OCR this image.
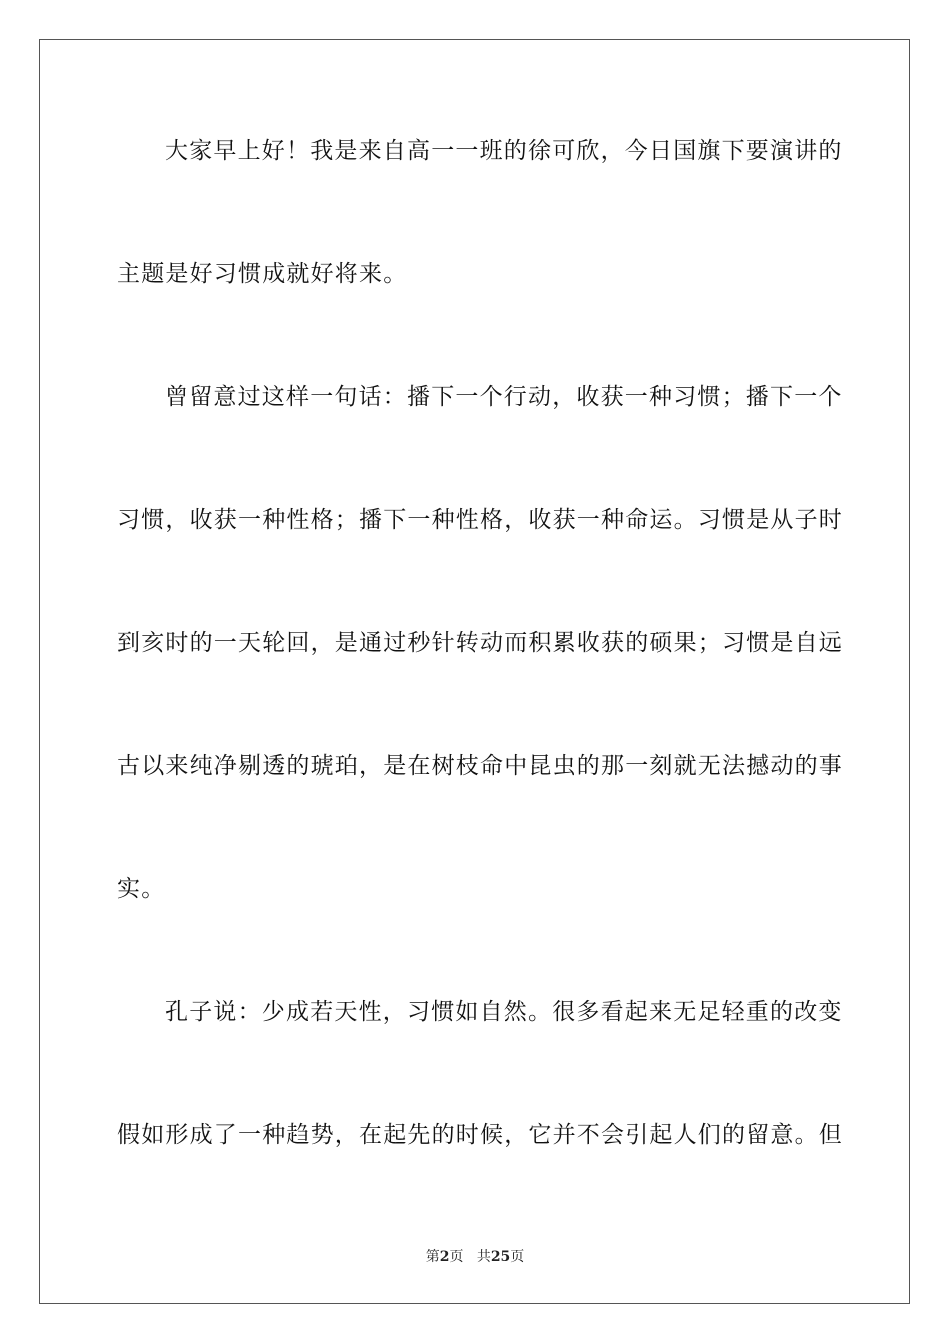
大家早上好！我是来自高一一班的徐可欣，今日国旗下要演讲的
主题是好习惯成就好将来。
曾留意过这样一句话：播下一个行动，收获一种习惯；播下一个
习惯，收获一种性格；播下一种性格，收获一种命运。习惯是从子时
到亥时的一天轮回，是通过秒针转动而积累收获的硕果；习惯是自远
古以来纯净剔透的琥珀，是在树枝命中昆虫的那一刻就无法撼动的事
实。
孔子说：少成若天性，习惯如自然。很多看起来无足轻重的改变
假如形成了一种趋势，在起先的时候，它并不会引起人们的留意。但
第2页 共25页
